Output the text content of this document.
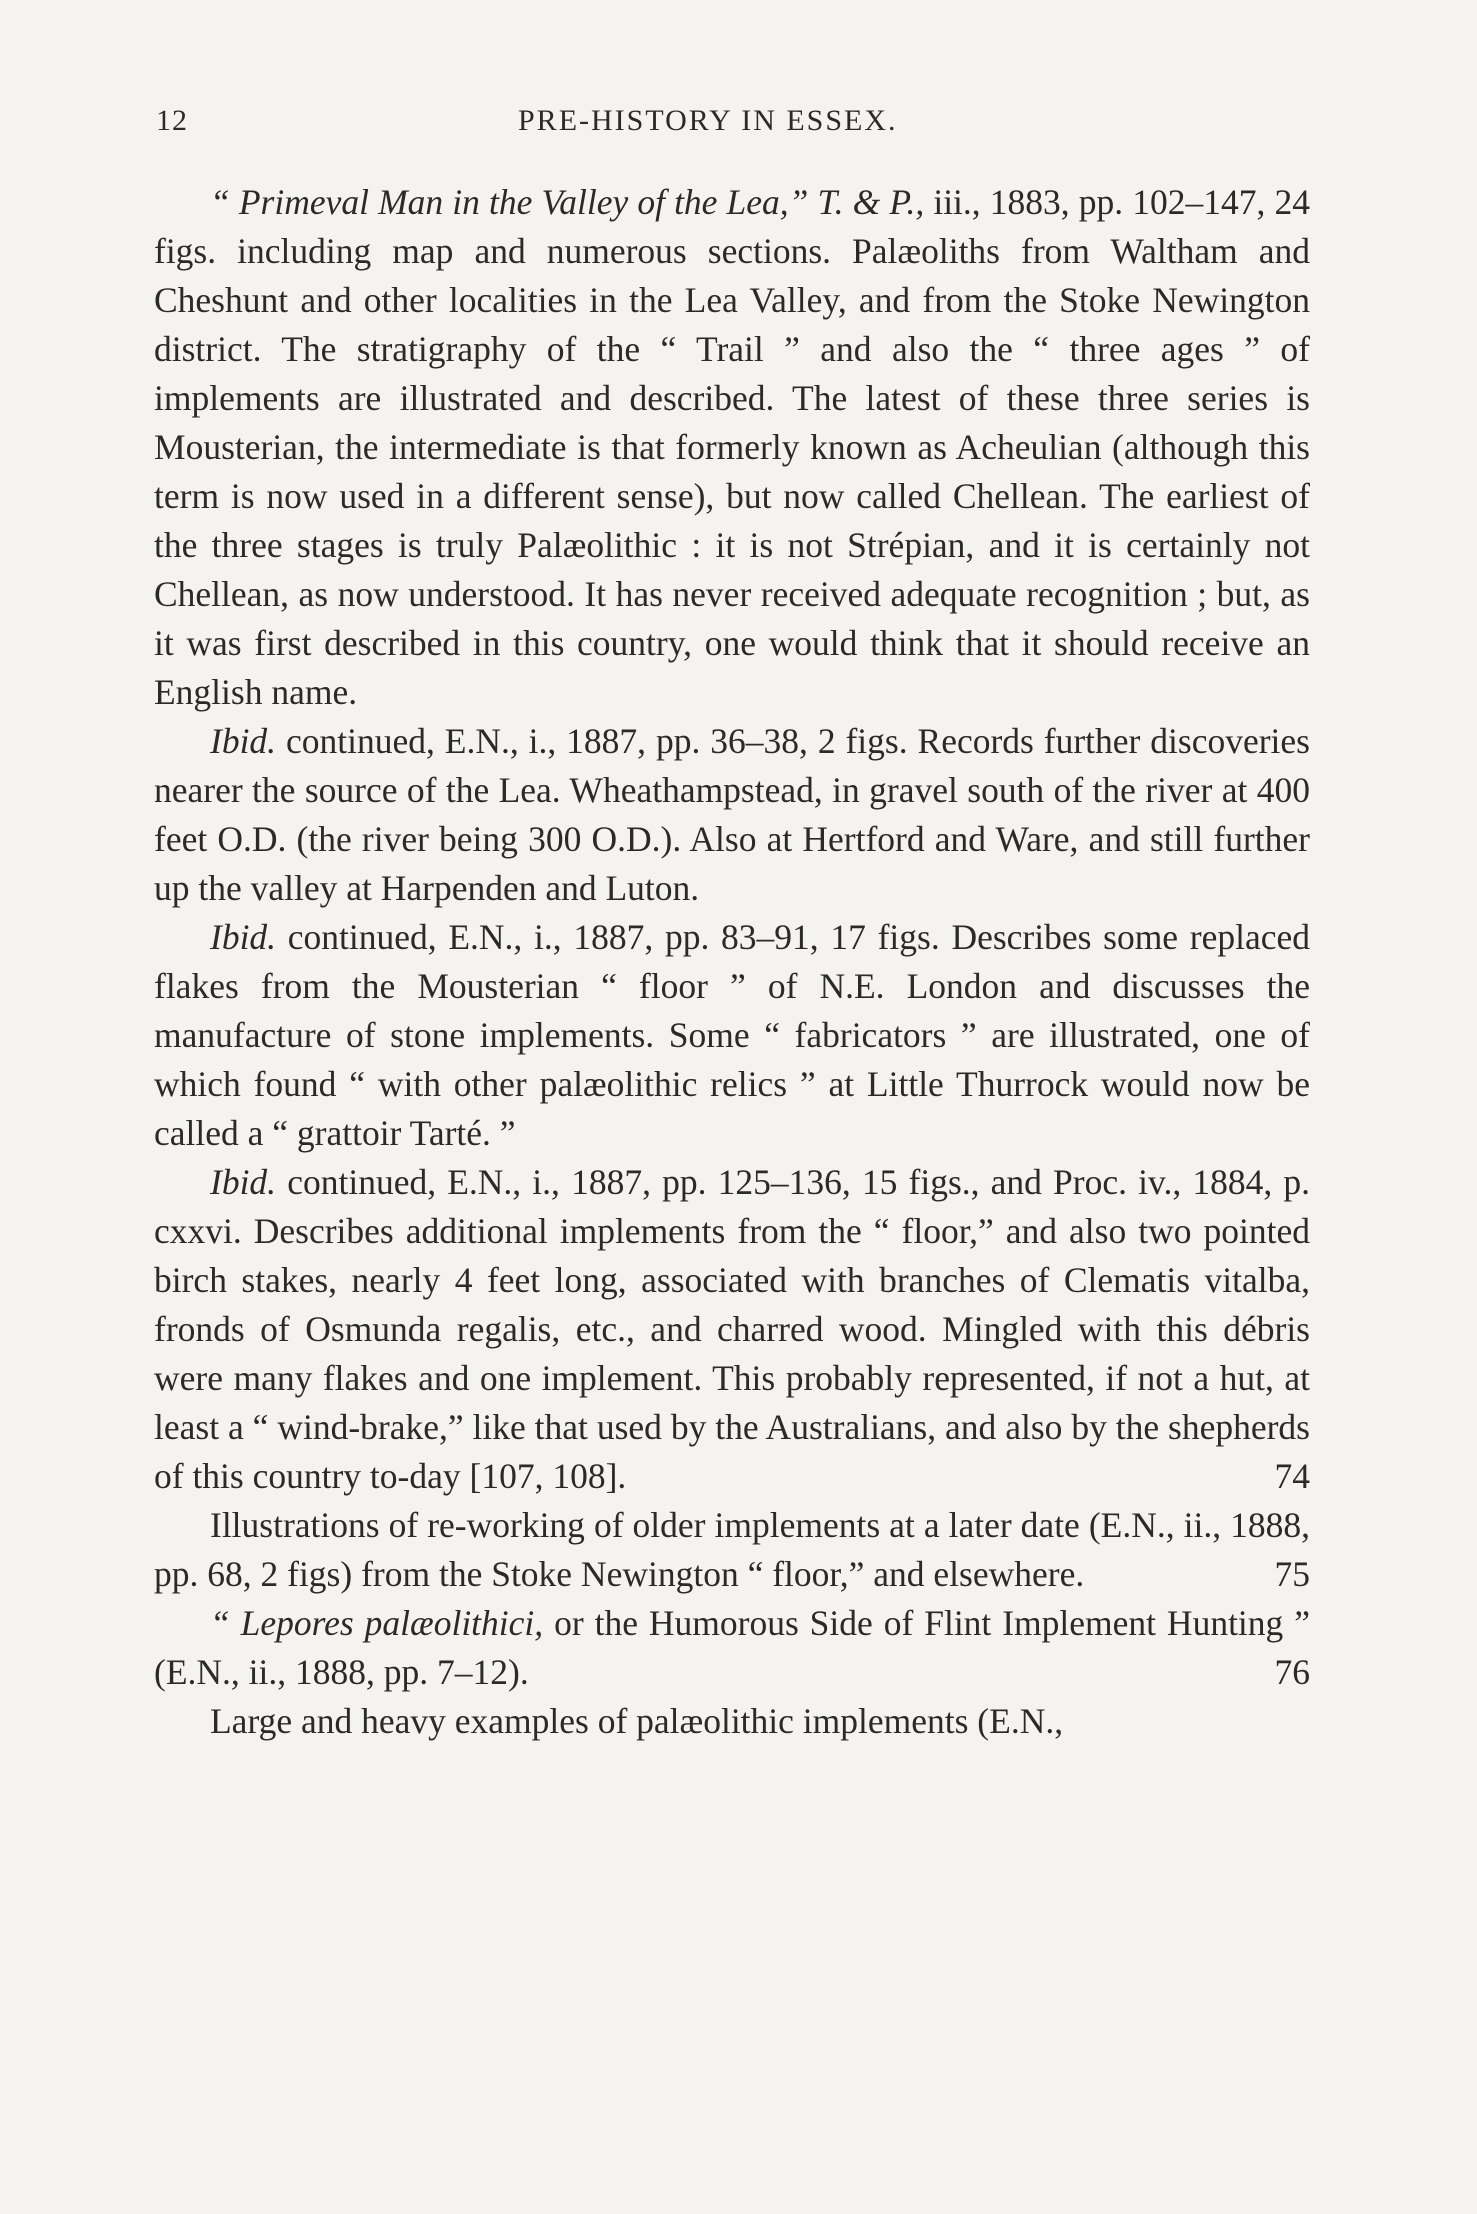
12	PRE-HISTORY IN ESSEX.

“ Primeval Man in the Valley of the Lea,” T. & P., iii., 1883, pp. 102–147, 24 figs. including map and numerous sections. Palæoliths from Waltham and Cheshunt and other localities in the Lea Valley, and from the Stoke Newington district. The stratigraphy of the “ Trail ” and also the “ three ages ” of implements are illustrated and described. The latest of these three series is Mousterian, the intermediate is that formerly known as Acheulian (although this term is now used in a different sense), but now called Chellean. The earliest of the three stages is truly Palæolithic : it is not Strépian, and it is certainly not Chellean, as now understood. It has never received adequate recognition ; but, as it was first described in this country, one would think that it should receive an English name.

Ibid. continued, E.N., i., 1887, pp. 36–38, 2 figs. Records further discoveries nearer the source of the Lea. Wheathampstead, in gravel south of the river at 400 feet O.D. (the river being 300 O.D.). Also at Hertford and Ware, and still further up the valley at Harpenden and Luton.

Ibid. continued, E.N., i., 1887, pp. 83–91, 17 figs. Describes some replaced flakes from the Mousterian “ floor ” of N.E. London and discusses the manufacture of stone implements. Some “ fabricators ” are illustrated, one of which found “ with other palæolithic relics ” at Little Thurrock would now be called a “ grattoir Tarté. ”

Ibid. continued, E.N., i., 1887, pp. 125–136, 15 figs., and Proc. iv., 1884, p. cxxvi. Describes additional implements from the “ floor,” and also two pointed birch stakes, nearly 4 feet long, associated with branches of Clematis vitalba, fronds of Osmunda regalis, etc., and charred wood. Mingled with this débris were many flakes and one implement. This probably represented, if not a hut, at least a “ wind-brake,” like that used by the Australians, and also by the shepherds of this country to-day [107, 108].	74

Illustrations of re-working of older implements at a later date (E.N., ii., 1888, pp. 68, 2 figs) from the Stoke Newington “ floor,” and elsewhere.	75

“ Lepores palæolithici, or the Humorous Side of Flint Implement Hunting ” (E.N., ii., 1888, pp. 7–12).	76

Large and heavy examples of palæolithic implements (E.N.,
